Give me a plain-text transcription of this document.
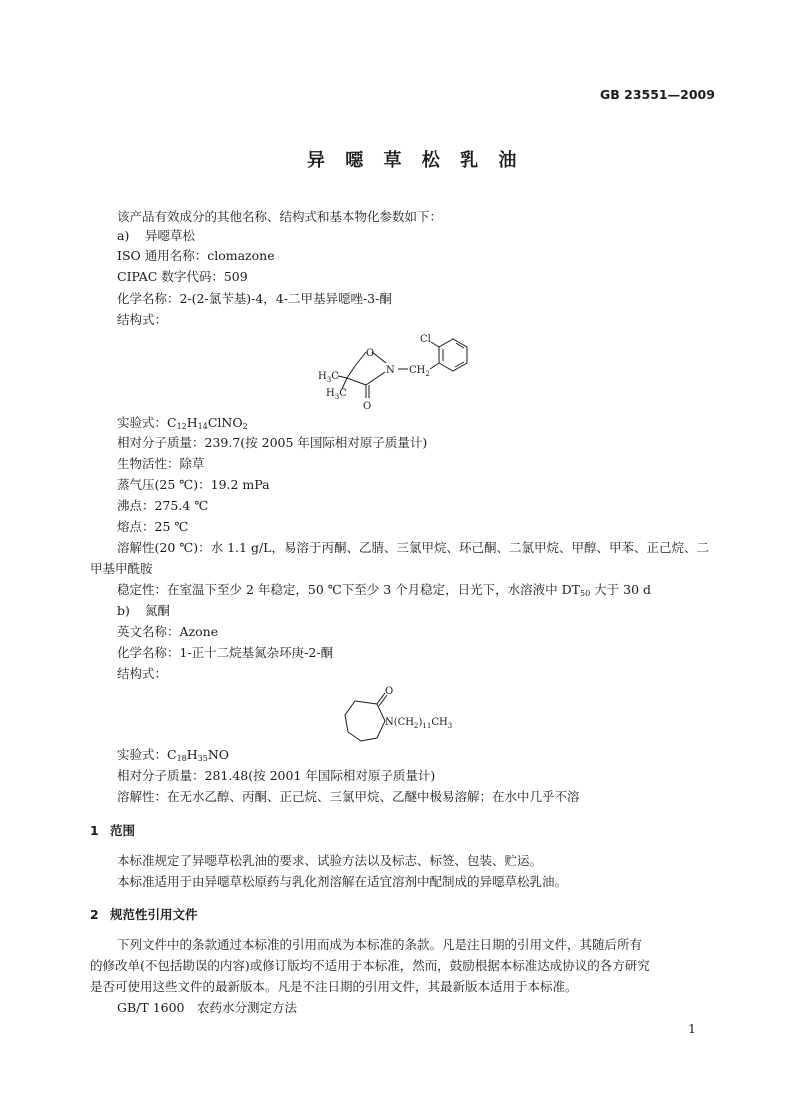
GB 23551—2009
异 噁 草 松 乳 油
该产品有效成分的其他名称、结构式和基本物化参数如下：
a) 异噁草松
ISO 通用名称：clomazone
CIPAC 数字代码：509
化学名称：2-(2-氯苄基)-4，4-二甲基异噁唑-3-酮
结构式：
Cl
O
N $CH_2$
$H_3C$
$H_3C$
O
实验式：$C_{12}H_{14}ClNO_2$
相对分子质量：239.7(按 2005 年国际相对原子质量计)
生物活性：除草
蒸气压(25 ℃)：19.2 mPa
沸点：275.4 ℃
熔点：25 ℃
溶解性(20 ℃)：水 1.1 g/L，易溶于丙酮、乙腈、三氯甲烷、环己酮、二氯甲烷、甲醇、甲苯、正己烷、二
甲基甲酰胺
稳定性：在室温下至少 2 年稳定，50 ℃下至少 3 个月稳定，日光下，水溶液中 $DT_{50}$ 大于 30 d
b) 氮酮
英文名称：Azone
化学名称：1-正十二烷基氮杂环庚-2-酮
结构式：
O
$N(CH_2)_{11}CH_3$
实验式：$C_{18}H_{35}NO$
相对分子质量：281.48(按 2001 年国际相对原子质量计)
溶解性：在无水乙醇、丙酮、正己烷、三氯甲烷、乙醚中极易溶解；在水中几乎不溶
1 范围
本标准规定了异噁草松乳油的要求、试验方法以及标志、标签、包装、贮运。
本标准适用于由异噁草松原药与乳化剂溶解在适宜溶剂中配制成的异噁草松乳油。
2 规范性引用文件
下列文件中的条款通过本标准的引用而成为本标准的条款。凡是注日期的引用文件，其随后所有
的修改单(不包括勘误的内容)或修订版均不适用于本标准，然而，鼓励根据本标准达成协议的各方研究
是否可使用这些文件的最新版本。凡是不注日期的引用文件，其最新版本适用于本标准。
GB/T 1600　农药水分测定方法
1
